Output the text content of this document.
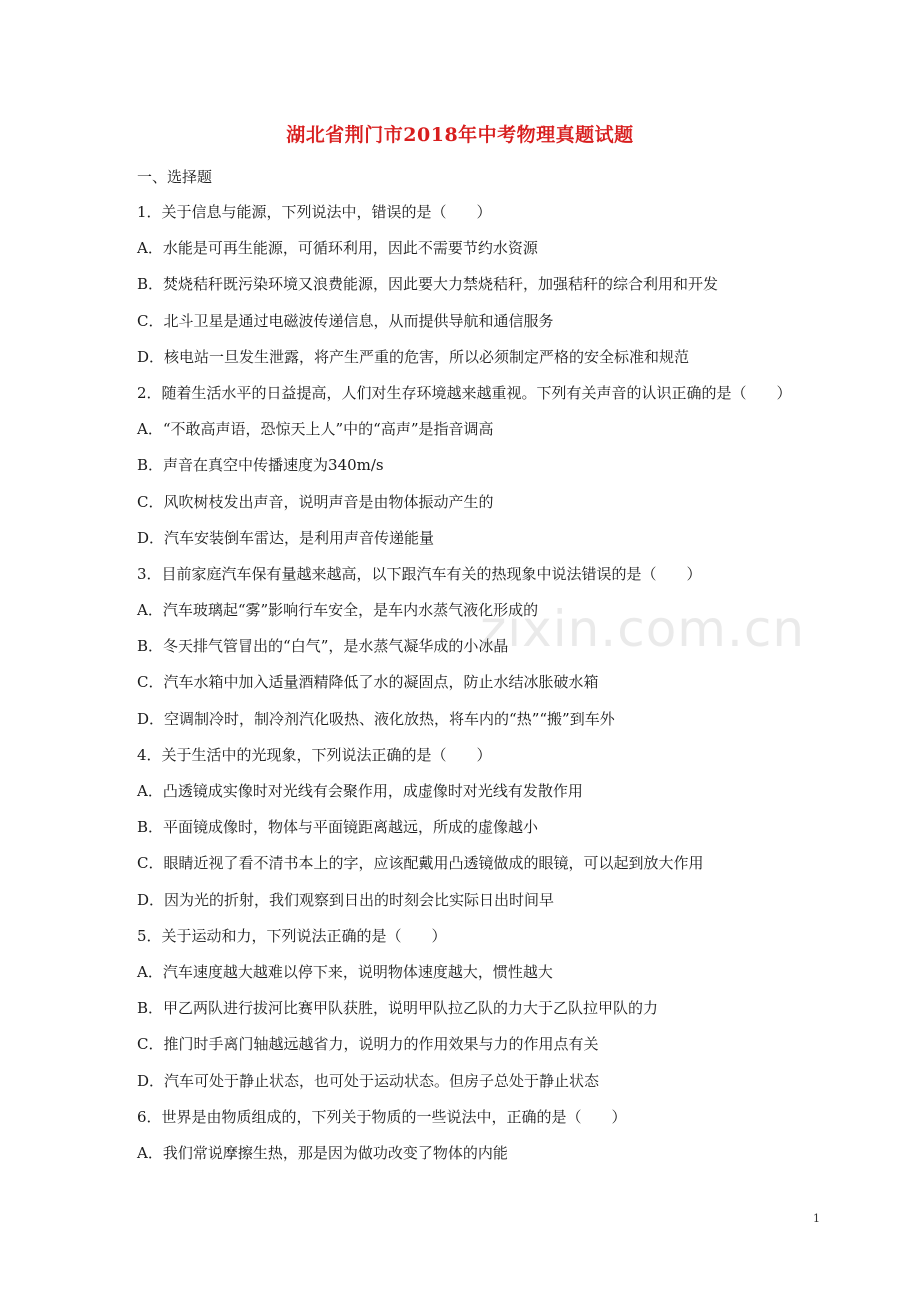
湖北省荆门市2018年中考物理真题试题
一、选择题
1．关于信息与能源，下列说法中，错误的是（　　）
A．水能是可再生能源，可循环利用，因此不需要节约水资源
B．焚烧秸秆既污染环境又浪费能源，因此要大力禁烧秸秆，加强秸秆的综合利用和开发
C．北斗卫星是通过电磁波传递信息，从而提供导航和通信服务
D．核电站一旦发生泄露，将产生严重的危害，所以必须制定严格的安全标准和规范
2．随着生活水平的日益提高，人们对生存环境越来越重视。下列有关声音的认识正确的是（　　）
A．“不敢高声语，恐惊天上人”中的“高声”是指音调高
B．声音在真空中传播速度为340m/s
C．风吹树枝发出声音，说明声音是由物体振动产生的
D．汽车安装倒车雷达，是利用声音传递能量
3．目前家庭汽车保有量越来越高，以下跟汽车有关的热现象中说法错误的是（　　）
A．汽车玻璃起“雾”影响行车安全，是车内水蒸气液化形成的
B．冬天排气管冒出的“白气”，是水蒸气凝华成的小冰晶
C．汽车水箱中加入适量酒精降低了水的凝固点，防止水结冰胀破水箱
D．空调制冷时，制冷剂汽化吸热、液化放热，将车内的“热”“搬”到车外
4．关于生活中的光现象，下列说法正确的是（　　）
A．凸透镜成实像时对光线有会聚作用，成虚像时对光线有发散作用
B．平面镜成像时，物体与平面镜距离越远，所成的虚像越小
C．眼睛近视了看不清书本上的字，应该配戴用凸透镜做成的眼镜，可以起到放大作用
D．因为光的折射，我们观察到日出的时刻会比实际日出时间早
5．关于运动和力，下列说法正确的是（　　）
A．汽车速度越大越难以停下来，说明物体速度越大，惯性越大
B．甲乙两队进行拔河比赛甲队获胜，说明甲队拉乙队的力大于乙队拉甲队的力
C．推门时手离门轴越远越省力，说明力的作用效果与力的作用点有关
D．汽车可处于静止状态，也可处于运动状态。但房子总处于静止状态
6．世界是由物质组成的，下列关于物质的一些说法中，正确的是（　　）
A．我们常说摩擦生热，那是因为做功改变了物体的内能
zixin.com.cn
1
